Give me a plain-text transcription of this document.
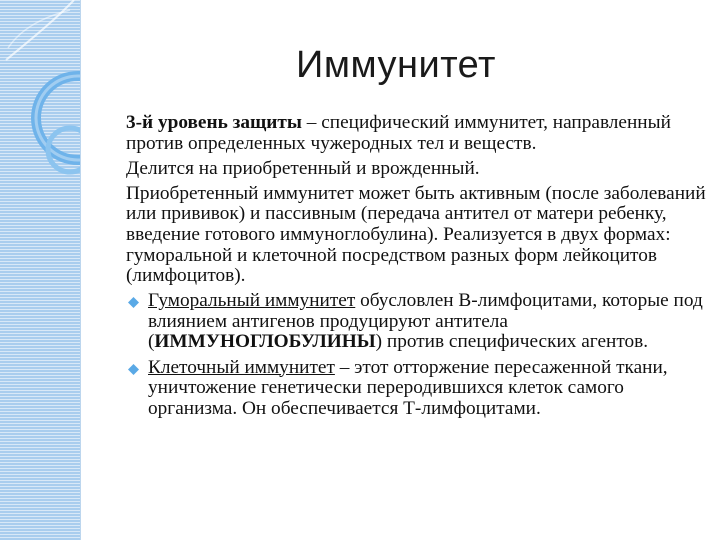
Иммунитет

3-й уровень защиты – специфический иммунитет, направленный против определенных чужеродных тел и веществ.

Делится на приобретенный и врожденный.

Приобретенный иммунитет может быть активным (после заболеваний или прививок) и пассивным (передача антител от матери ребенку, введение готового иммуноглобулина). Реализуется в двух формах: гуморальной и клеточной посредством разных форм лейкоцитов (лимфоцитов).

Гуморальный иммунитет обусловлен В-лимфоцитами, которые под влиянием антигенов продуцируют антитела (ИММУНОГЛОБУЛИНЫ) против специфических агентов.
Клеточный иммунитет – этот отторжение пересаженной ткани, уничтожение генетически переродившихся клеток самого организма. Он обеспечивается Т-лимфоцитами.
